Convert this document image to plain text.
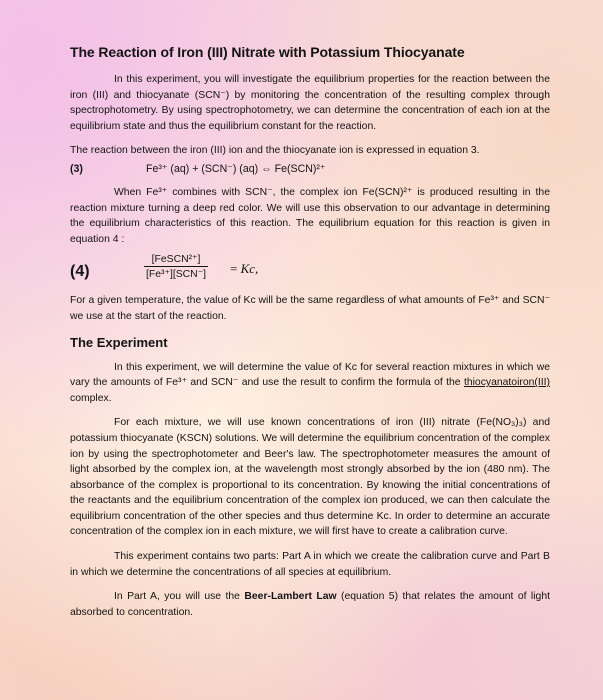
The Reaction of Iron (III) Nitrate with Potassium Thiocyanate

In this experiment, you will investigate the equilibrium properties for the reaction between the iron (III) and thiocyanate (SCN⁻) by monitoring the concentration of the resulting complex through spectrophotometry. By using spectrophotometry, we can determine the concentration of each ion at the equilibrium state and thus the equilibrium constant for the reaction.

The reaction between the iron (III) ion and the thiocyanate ion is expressed in equation 3.

(3)	Fe³⁺ (aq) + (SCN⁻) (aq) ⇔ Fe(SCN)²⁺

When Fe³⁺ combines with SCN⁻, the complex ion Fe(SCN)²⁺ is produced resulting in the reaction mixture turning a deep red color. We will use this observation to our advantage in determining the equilibrium characteristics of this reaction. The equilibrium equation for this reaction is given in equation 4 :

(4)
[FeSCN²⁺]
[Fe³⁺][SCN⁻] = Kc,

For a given temperature, the value of Kc will be the same regardless of what amounts of Fe³⁺ and SCN⁻ we use at the start of the reaction.

The Experiment

In this experiment, we will determine the value of Kc for several reaction mixtures in which we vary the amounts of Fe³⁺ and SCN⁻ and use the result to confirm the formula of the thiocyanatoiron(III) complex.

For each mixture, we will use known concentrations of iron (III) nitrate (Fe(NO₃)₃) and potassium thiocyanate (KSCN) solutions. We will determine the equilibrium concentration of the complex ion by using the spectrophotometer and Beer's law. The spectrophotometer measures the amount of light absorbed by the complex ion, at the wavelength most strongly absorbed by the ion (480 nm). The absorbance of the complex is proportional to its concentration. By knowing the initial concentrations of the reactants and the equilibrium concentration of the complex ion produced, we can then calculate the equilibrium concentration of the other species and thus determine Kc. In order to determine an accurate concentration of the complex ion in each mixture, we will first have to create a calibration curve.

This experiment contains two parts: Part A in which we create the calibration curve and Part B in which we determine the concentrations of all species at equilibrium.

In Part A, you will use the Beer-Lambert Law (equation 5) that relates the amount of light absorbed to concentration.
